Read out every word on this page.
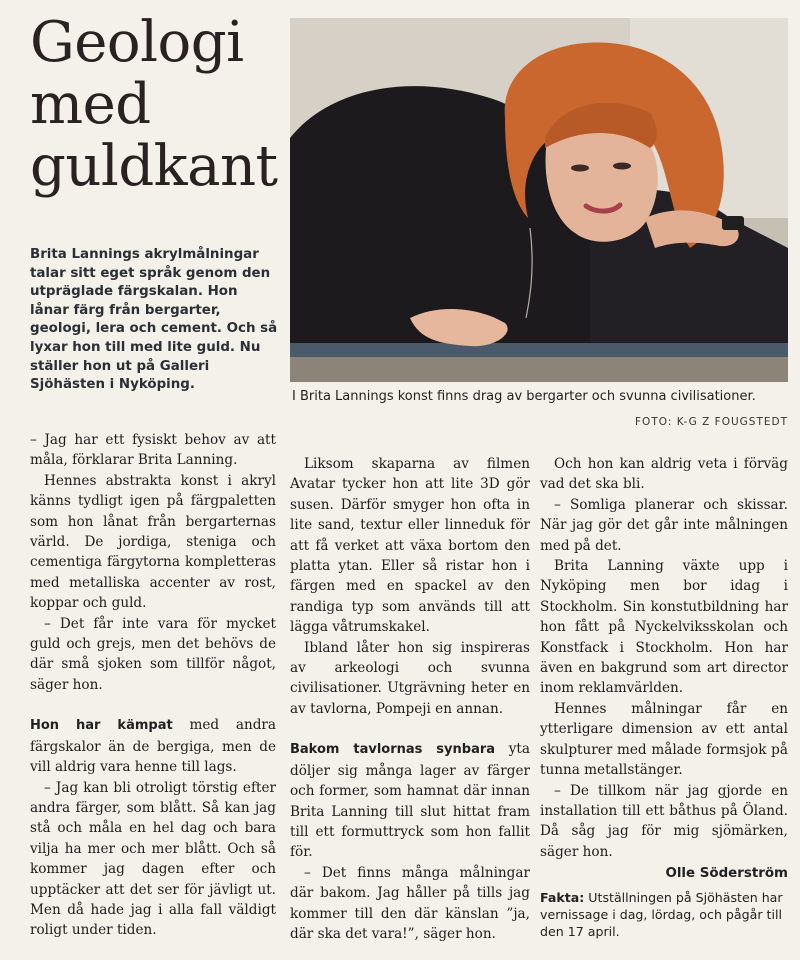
Geologi
med
guldkant
I Brita Lannings konst finns drag av bergarter och svunna civilisationer.
FOTO: K-G Z FOUGSTEDT

Brita Lannings akrylmålningar talar sitt eget språk genom den utpräglade färgskalan. Hon lånar färg från bergarter, geologi, lera och cement. Och så lyxar hon till med lite guld. Nu ställer hon ut på Galleri Sjöhästen i Nyköping.

– Jag har ett fysiskt behov av att måla, förklarar Brita Lanning.

Hennes abstrakta konst i akryl känns tydligt igen på färgpaletten som hon lånat från bergarternas värld. De jordiga, steniga och cementiga färgytorna kompletteras med metalliska accenter av rost, koppar och guld.

– Det får inte vara för mycket guld och grejs, men det behövs de där små sjoken som tillför något, säger hon.

Hon har kämpat med andra färgskalor än de bergiga, men de vill aldrig vara henne till lags.

– Jag kan bli otroligt törstig efter andra färger, som blått. Så kan jag stå och måla en hel dag och bara vilja ha mer och mer blått. Och så kommer jag dagen efter och upptäcker att det ser för jävligt ut. Men då hade jag i alla fall väldigt roligt under tiden.

Liksom skaparna av filmen Avatar tycker hon att lite 3D gör susen. Därför smyger hon ofta in lite sand, textur eller linneduk för att få verket att växa bortom den platta ytan. Eller så ristar hon i färgen med en spackel av den randiga typ som används till att lägga våtrumskakel.

Ibland låter hon sig inspireras av arkeologi och svunna civilisationer. Utgrävning heter en av tavlorna, Pompeji en annan.

Bakom tavlornas synbara yta döljer sig många lager av färger och former, som hamnat där innan Brita Lanning till slut hittat fram till ett formuttryck som hon fallit för.

– Det finns många målningar där bakom. Jag håller på tills jag kommer till den där känslan ”ja, där ska det vara!”, säger hon.

Och hon kan aldrig veta i förväg vad det ska bli.

– Somliga planerar och skissar. När jag gör det går inte målningen med på det.

Brita Lanning växte upp i Nyköping men bor idag i Stockholm. Sin konstutbildning har hon fått på Nyckelviksskolan och Konstfack i Stockholm. Hon har även en bakgrund som art director inom reklamvärlden.

Hennes målningar får en ytterligare dimension av ett antal skulpturer med målade formsjok på tunna metallstänger.

– De tillkom när jag gjorde en installation till ett båthus på Öland. Då såg jag för mig sjömärken, säger hon.

Olle Söderström
Fakta: Utställningen på Sjöhästen har vernissage i dag, lördag, och pågår till den 17 april.
